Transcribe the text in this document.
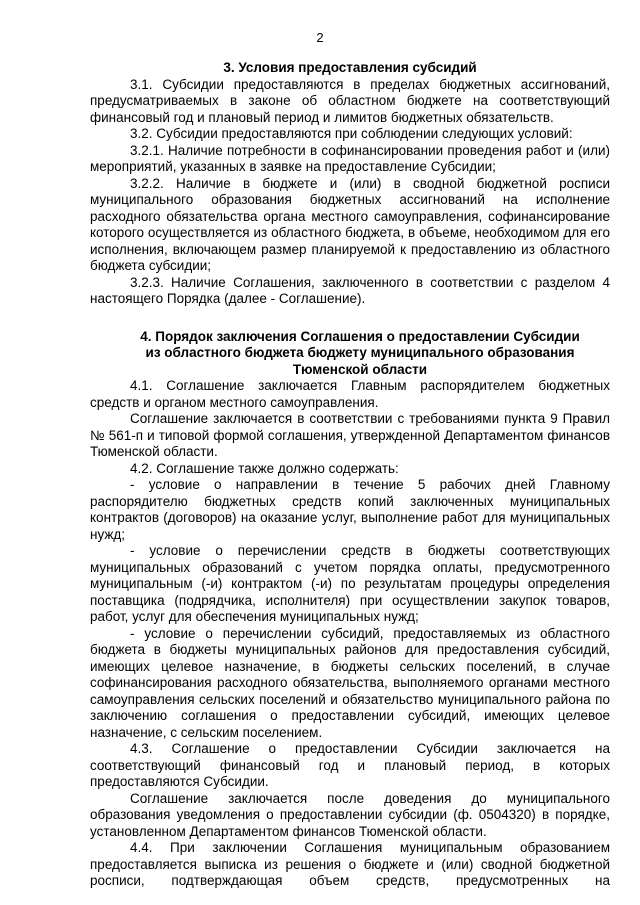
2
3. Условия предоставления субсидий

3.1. Субсидии предоставляются в пределах бюджетных ассигнований, предусматриваемых в законе об областном бюджете на соответствующий финансовый год и плановый период и лимитов бюджетных обязательств.

3.2. Субсидии предоставляются при соблюдении следующих условий:

3.2.1. Наличие потребности в софинансировании проведения работ и (или) мероприятий, указанных в заявке на предоставление Субсидии;

3.2.2. Наличие в бюджете и (или) в сводной бюджетной росписи муниципального образования бюджетных ассигнований на исполнение расходного обязательства органа местного самоуправления, софинансирование которого осуществляется из областного бюджета, в объеме, необходимом для его исполнения, включающем размер планируемой к предоставлению из областного бюджета субсидии;

3.2.3. Наличие Соглашения, заключенного в соответствии с разделом 4 настоящего Порядка (далее - Соглашение).

4. Порядок заключения Соглашения о предоставлении Субсидии
из областного бюджета бюджету муниципального образования
Тюменской области

4.1. Соглашение заключается Главным распорядителем бюджетных средств и органом местного самоуправления.

Соглашение заключается в соответствии с требованиями пункта 9 Правил № 561-п и типовой формой соглашения, утвержденной Департаментом финансов Тюменской области.

4.2. Соглашение также должно содержать:

- условие о направлении в течение 5 рабочих дней Главному распорядителю бюджетных средств копий заключенных муниципальных контрактов (договоров) на оказание услуг, выполнение работ для муниципальных нужд;

- условие о перечислении средств в бюджеты соответствующих муниципальных образований с учетом порядка оплаты, предусмотренного муниципальным (-и) контрактом (-и) по результатам процедуры определения поставщика (подрядчика, исполнителя) при осуществлении закупок товаров, работ, услуг для обеспечения муниципальных нужд;

- условие о перечислении субсидий, предоставляемых из областного бюджета в бюджеты муниципальных районов для предоставления субсидий, имеющих целевое назначение, в бюджеты сельских поселений, в случае софинансирования расходного обязательства, выполняемого органами местного самоуправления сельских поселений и обязательство муниципального района по заключению соглашения о предоставлении субсидий, имеющих целевое назначение, с сельским поселением.

4.3. Соглашение о предоставлении Субсидии заключается на соответствующий финансовый год и плановый период, в которых предоставляются Субсидии.

Соглашение заключается после доведения до муниципального образования уведомления о предоставлении субсидии (ф. 0504320) в порядке, установленном Департаментом финансов Тюменской области.

4.4. При заключении Соглашения муниципальным образованием предоставляется выписка из решения о бюджете и (или) сводной бюджетной росписи, подтверждающая объем средств, предусмотренных на
